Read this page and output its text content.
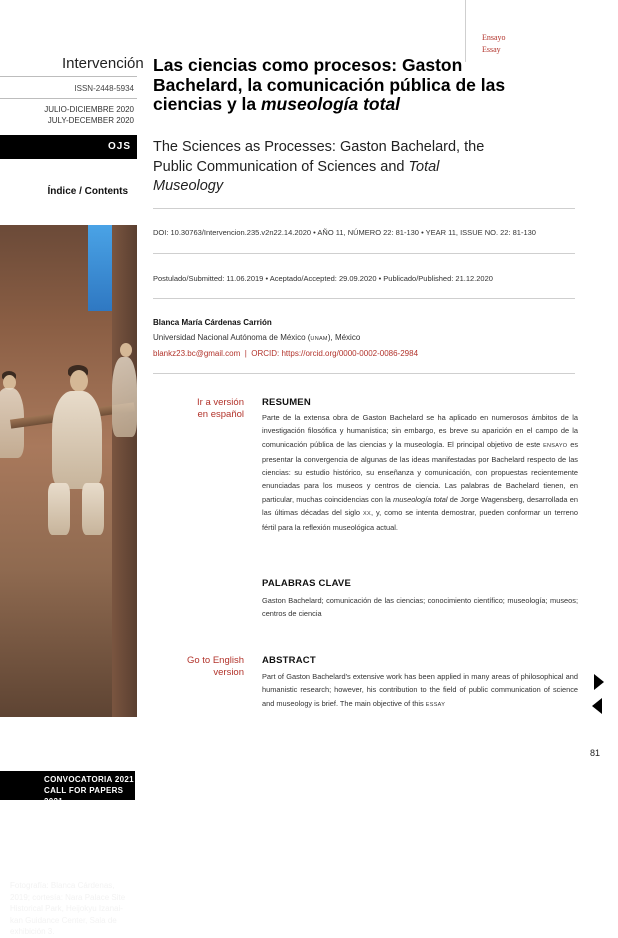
Intervención
ISSN-2448-5934
JULIO-DICIEMBRE 2020
JULY-DECEMBER 2020
OJS
Índice / Contents
Fotografía: Blanca Cárdenas, 2019; cortesía: Nara Palace Site Historical Park, Heijokyu Izanai-kan Guidance Center, Sala de exhibición 3.
CONVOCATORIA 2021
CALL FOR PAPERS 2021
Ensayo
Essay
Las ciencias como procesos: Gaston Bachelard, la comunicación pública de las ciencias y la museología total
The Sciences as Processes: Gaston Bachelard, the Public Communication of Sciences and Total Museology
DOI: 10.30763/Intervencion.235.v2n22.14.2020 • AÑO 11, NÚMERO 22: 81-130 • YEAR 11, ISSUE NO. 22: 81-130
Postulado/Submitted: 11.06.2019 • Aceptado/Accepted: 29.09.2020 • Publicado/Published: 21.12.2020
Blanca María Cárdenas Carrión
Universidad Nacional Autónoma de México (UNAM), México
blankz23.bc@gmail.com  |  ORCID: https://orcid.org/0000-0002-0086-2984
Ir a versión
en español
RESUMEN

Parte de la extensa obra de Gaston Bachelard se ha aplicado en numerosos ámbitos de la investigación filosófica y humanística; sin embargo, es breve su aparición en el campo de la comunicación pública de las ciencias y la museología. El principal objetivo de este ENSAYO es presentar la convergencia de algunas de las ideas manifestadas por Bachelard respecto de las ciencias: su estudio histórico, su enseñanza y comunicación, con propuestas recientemente enunciadas para los museos y centros de ciencia. Las palabras de Bachelard tienen, en particular, muchas coincidencias con la museología total de Jorge Wagensberg, desarrollada en las últimas décadas del siglo XX, y, como se intenta demostrar, pueden conformar un terreno fértil para la reflexión museológica actual.

PALABRAS CLAVE

Gaston Bachelard; comunicación de las ciencias; conocimiento científico; museología; museos; centros de ciencia

Go to English
version
ABSTRACT

Part of Gaston Bachelard's extensive work has been applied in many areas of philosophical and humanistic research; however, his contribution to the field of public communication of science and museology is brief. The main objective of this ESSAY

81
